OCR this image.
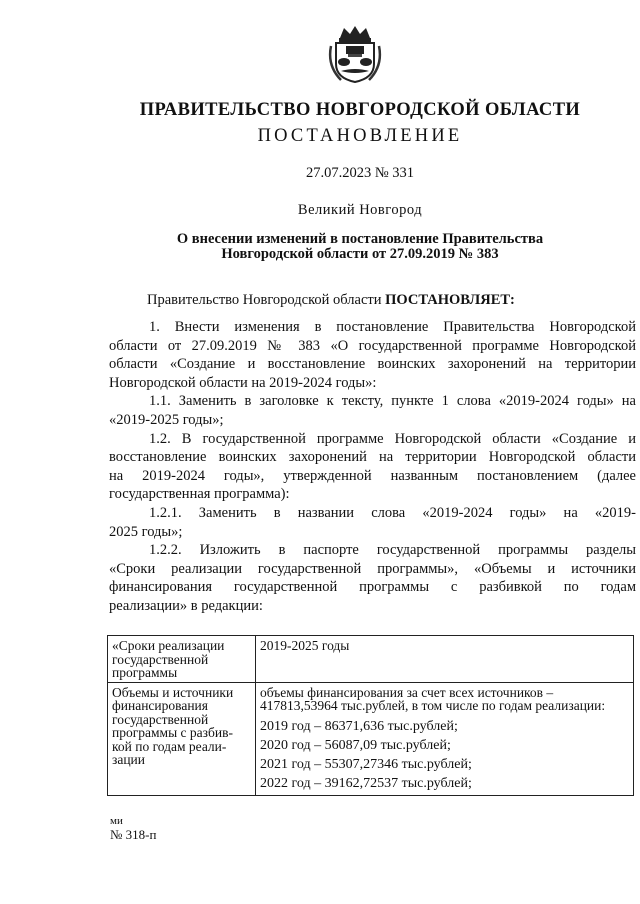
ПРАВИТЕЛЬСТВО НОВГОРОДСКОЙ ОБЛАСТИ
ПОСТАНОВЛЕНИЕ
27.07.2023 № 331
Великий Новгород
О внесении изменений в постановление Правительства
Новгородской области от 27.09.2019 № 383
Правительство Новгородской области ПОСТАНОВЛЯЕТ:
1. Внести изменения в постановление Правительства Новгородской
области от 27.09.2019 № 383 «О государственной программе Новгородской
области «Создание и восстановление воинских захоронений на территории
Новгородской области на 2019-2024 годы»:
1.1. Заменить в заголовке к тексту, пункте 1 слова «2019-2024 годы» на
«2019-2025 годы»;
1.2. В государственной программе Новгородской области «Создание и
восстановление воинских захоронений на территории Новгородской области
на 2019-2024 годы», утвержденной названным постановлением (далее
государственная программа):
1.2.1. Заменить в названии слова «2019-2024 годы» на «2019-
2025 годы»;
1.2.2. Изложить в паспорте государственной программы разделы
«Сроки реализации государственной программы», «Объемы и источники
финансирования государственной программы с разбивкой по годам
реализации» в редакции:
«Сроки реализации государственной программы	2019-2025 годы
Объемы и источники финансирования государственной программы с разбив-кой по годам реали-зации	объемы финансирования за счет всех источников – 417813,53964 тыс.рублей, в том числе по годам реализации:
2019 год – 86371,636 тыс.рублей;
2020 год – 56087,09 тыс.рублей;
2021 год – 55307,27346 тыс.рублей;
2022 год – 39162,72537 тыс.рублей;
ми
№ 318-п
